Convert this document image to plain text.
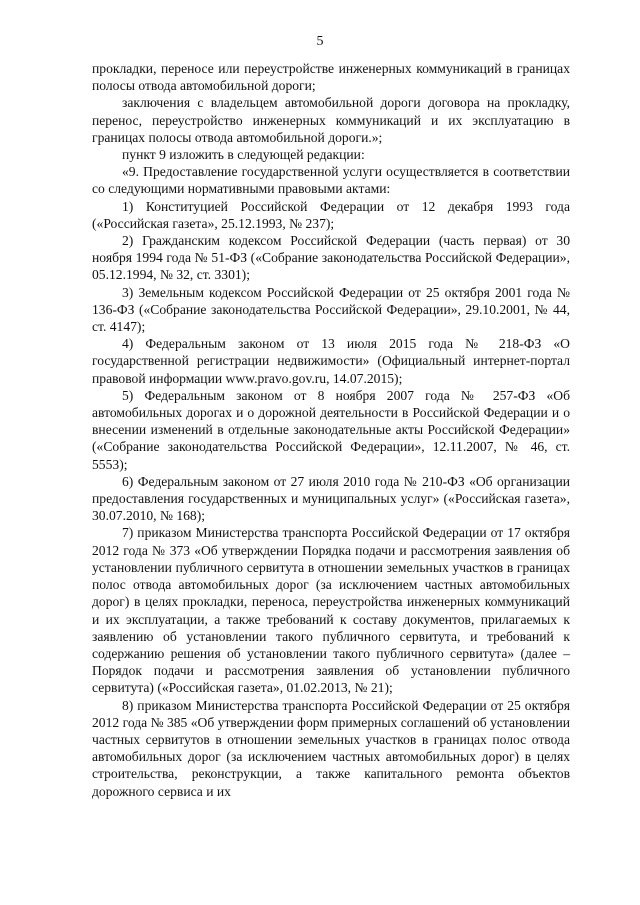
5

прокладки, переносе или переустройстве инженерных коммуникаций в границах полосы отвода автомобильной дороги;

заключения с владельцем автомобильной дороги договора на прокладку, перенос, переустройство инженерных коммуникаций и их эксплуатацию в границах полосы отвода автомобильной дороги.»;

пункт 9 изложить в следующей редакции:

«9. Предоставление государственной услуги осуществляется в соответствии со следующими нормативными правовыми актами:

1) Конституцией Российской Федерации от 12 декабря 1993 года («Российская газета», 25.12.1993, № 237);

2) Гражданским кодексом Российской Федерации (часть первая) от 30 ноября 1994 года № 51-ФЗ («Собрание законодательства Российской Федерации», 05.12.1994, № 32, ст. 3301);

3) Земельным кодексом Российской Федерации от 25 октября 2001 года № 136-ФЗ («Собрание законодательства Российской Федерации», 29.10.2001, № 44, ст. 4147);

4) Федеральным законом от 13 июля 2015 года № 218-ФЗ «О государственной регистрации недвижимости» (Официальный интернет-портал правовой информации www.pravo.gov.ru, 14.07.2015);

5) Федеральным законом от 8 ноября 2007 года № 257-ФЗ «Об автомобильных дорогах и о дорожной деятельности в Российской Федерации и о внесении изменений в отдельные законодательные акты Российской Федерации» («Собрание законодательства Российской Федерации», 12.11.2007, № 46, ст. 5553);

6) Федеральным законом от 27 июля 2010 года № 210-ФЗ «Об организации предоставления государственных и муниципальных услуг» («Российская газета», 30.07.2010, № 168);

7) приказом Министерства транспорта Российской Федерации от 17 октября 2012 года № 373 «Об утверждении Порядка подачи и рассмотрения заявления об установлении публичного сервитута в отношении земельных участков в границах полос отвода автомобильных дорог (за исключением частных автомобильных дорог) в целях прокладки, переноса, переустройства инженерных коммуникаций и их эксплуатации, а также требований к составу документов, прилагаемых к заявлению об установлении такого публичного сервитута, и требований к содержанию решения об установлении такого публичного сервитута» (далее – Порядок подачи и рассмотрения заявления об установлении публичного сервитута) («Российская газета», 01.02.2013, № 21);

8) приказом Министерства транспорта Российской Федерации от 25 октября 2012 года № 385 «Об утверждении форм примерных соглашений об установлении частных сервитутов в отношении земельных участков в границах полос отвода автомобильных дорог (за исключением частных автомобильных дорог) в целях строительства, реконструкции, а также капитального ремонта объектов дорожного сервиса и их
